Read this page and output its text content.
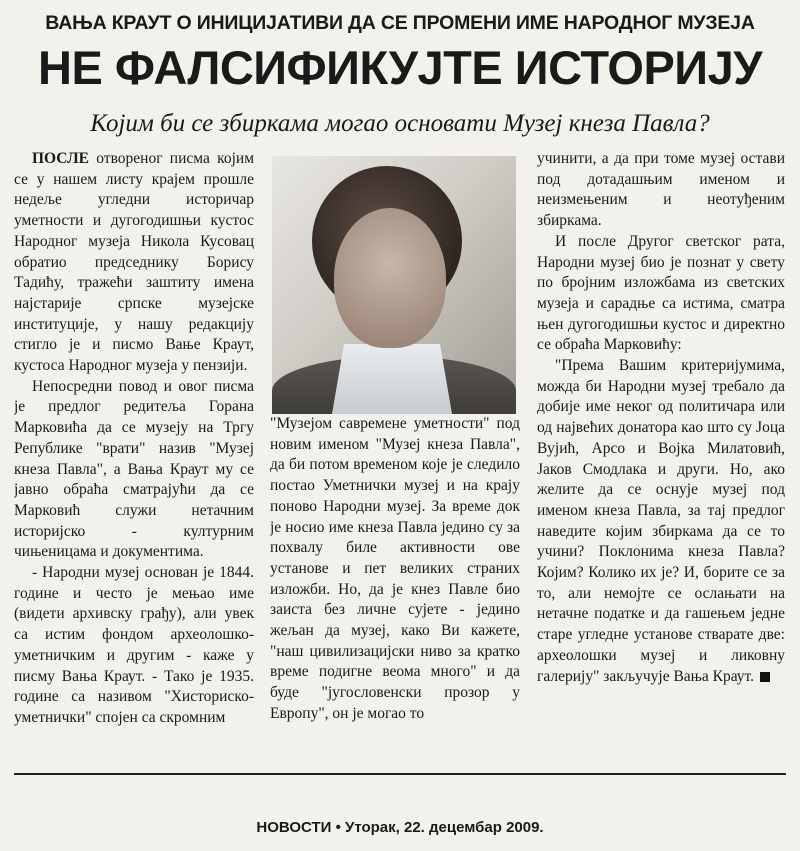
ВАЊА КРАУТ О ИНИЦИЈАТИВИ ДА СЕ ПРОМЕНИ ИМЕ НАРОДНОГ МУЗЕЈА
НЕ ФАЛСИФИКУЈТЕ ИСТОРИЈУ
Којим би се збиркама могао основати Музеј кнеза Павла?

ПОСЛЕ отвореног писма којим се у нашем листу крајем прошле недеље угледни историчар уметности и дугогодишњи кустос Народног музеја Никола Кусовац обратио председнику Борису Тадићу, тражећи заштиту имена најстарије српске музејске институције, у нашу редакцију стигло је и писмо Вање Краут, кустоса Народног музеја у пензији.

Непосредни повод и овог писма је предлог редитеља Горана Марковића да се музеју на Тргу Републике "врати" назив "Музеј кнеза Павла", а Вања Краут му се јавно обраћа сматрајући да се Марковић служи нетачним историјско - културним чињеницама и документима.

- Народни музеј основан је 1844. године и често је мењао име (видети архивску грађу), али увек са истим фондом археолошко-уметничким и другим - каже у писму Вања Краут. - Тако је 1935. године са називом "Хисториско-уметнички" спојен са скромним

"Музејом савремене уметности" под новим именом "Музеј кнеза Павла", да би потом временом које је следило постао Уметнички музеј и на крају поново Народни музеј. За време док је носио име кнеза Павла једино су за похвалу биле активности ове установе и пет великих страних изложби. Но, да је кнез Павле био заиста без личне сујете - једино жељан да музеј, како Ви кажете, "наш цивилизацијски ниво за кратко време подигне веома много" и да буде "југословенски прозор у Европу", он је могао то

учинити, а да при томе музеј остави под дотадашњим именом и неизмењеним и неотуђеним збиркама.

И после Другог светског рата, Народни музеј био је познат у свету по бројним изложбама из светских музеја и сарадње са истима, сматра њен дугогодишњи кустос и директно се обраћа Марковићу:

"Према Вашим критеријумима, можда би Народни музеј требало да добије име неког од политичара или од највећих донатора као што су Јоца Вујић, Арсо и Војка Милатовић, Јаков Смодлака и други. Но, ако желите да се оснује музеј под именом кнеза Павла, за тај предлог наведите којим збиркама да се то учини? Поклонима кнеза Павла? Којим? Колико их је? И, борите се за то, али немојте се ослањати на нетачне податке и да гашењем једне старе угледне установе стварате две: археолошки музеј и ликовну галерију" закључује Вања Краут.

НОВОСТИ • Уторак, 22. децембар 2009.
